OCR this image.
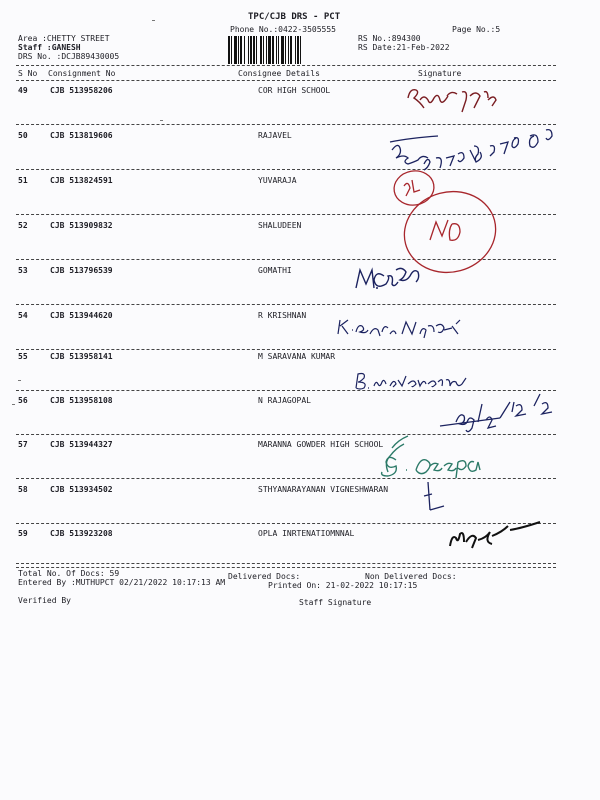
TPC/CJB DRS - PCT
Phone No.:0422-3505555	Page No.:5
Area :CHETTY STREET
Staff :GANESH
DRS No. :DCJB89430005
RS No.:894300
RS Date:21-Feb-2022
S No Consignment No	Consignee Details	Signature
49	CJB 513958206	COR HIGH SCHOOL
50	CJB 513819606	RAJAVEL
51	CJB 513824591	YUVARAJA
52	CJB 513909832	SHALUDEEN
53	CJB 513796539	GOMATHI
54	CJB 513944620	R KRISHNAN
55	CJB 513958141	M SARAVANA KUMAR
56	CJB 513958108	N RAJAGOPAL
57	CJB 513944327	MARANNA GOWDER HIGH SCHOOL
58	CJB 513934502	STHYANARAYANAN VIGNESHWARAN
59	CJB 513923208	OPLA INRTENATIOMNNAL
Total No. Of Docs: 59	Delivered Docs:	Non Delivered Docs:
Entered By :MUTHUPCT 02/21/2022 10:17:13 AM	Printed On: 21-02-2022 10:17:15
Verified By	Staff Signature
